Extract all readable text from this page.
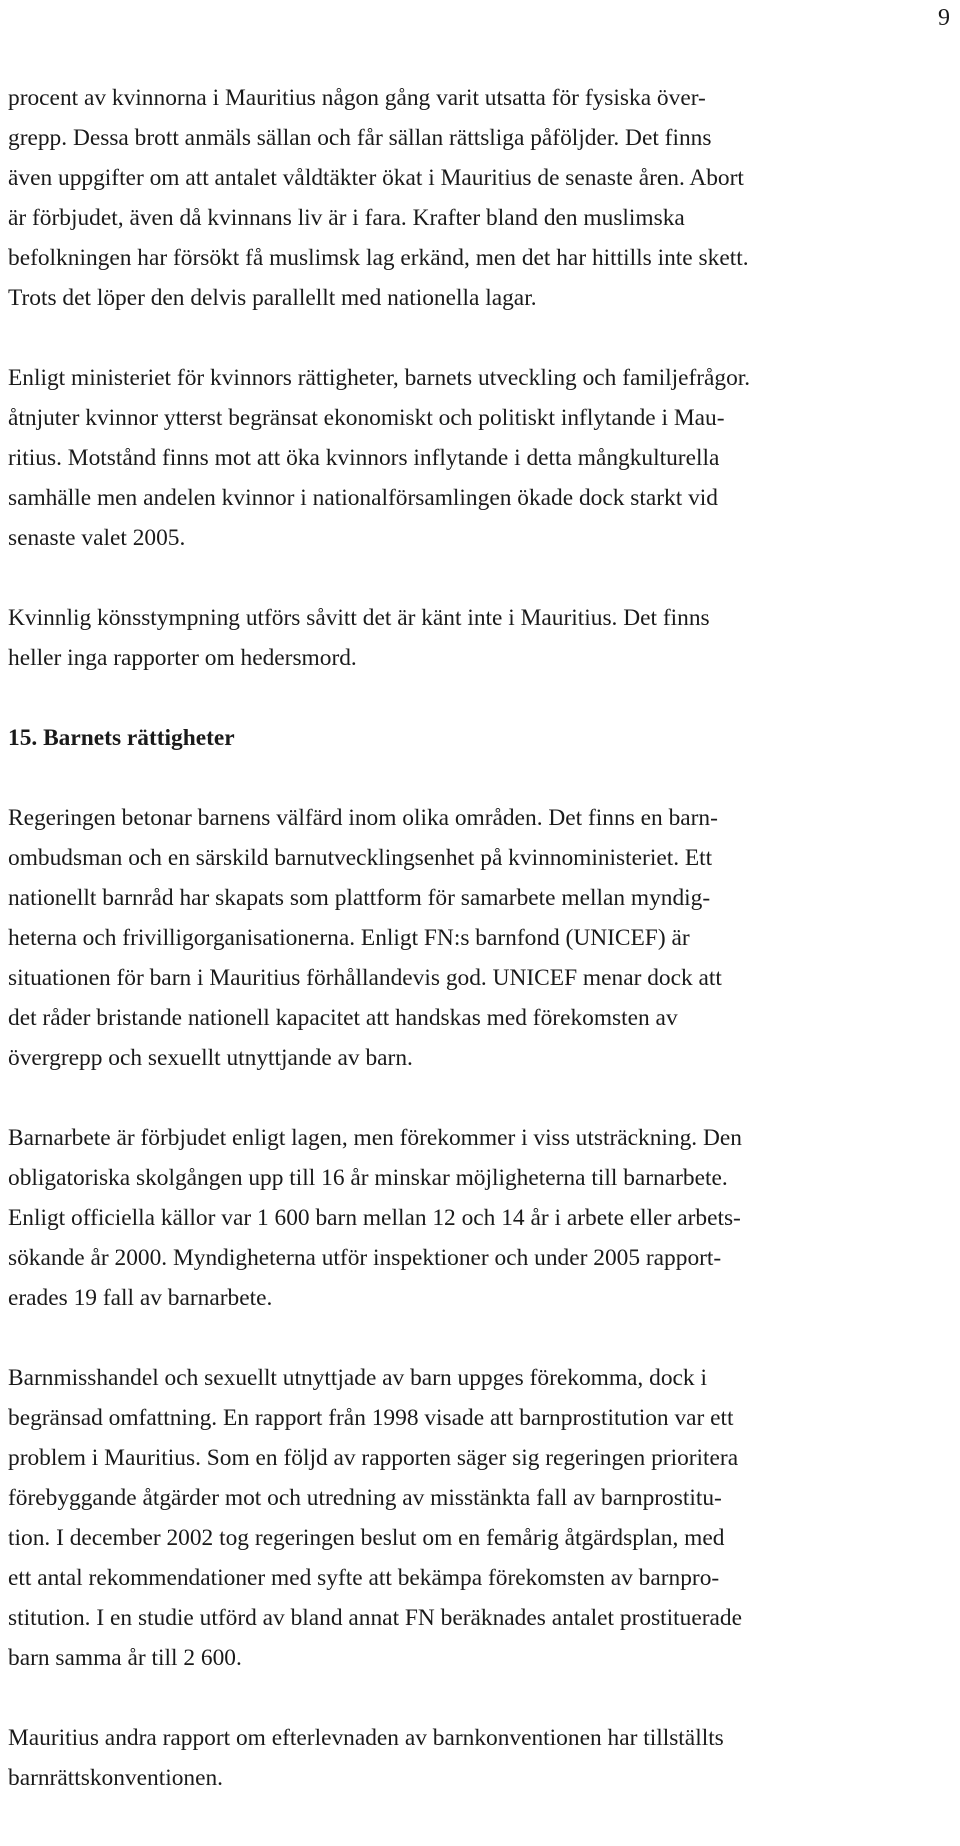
9
procent av kvinnorna i Mauritius någon gång varit utsatta för fysiska över-
grepp. Dessa brott anmäls sällan och får sällan rättsliga påföljder. Det finns
även uppgifter om att antalet våldtäkter ökat i Mauritius de senaste åren. Abort
är förbjudet, även då kvinnans liv är i fara. Krafter bland den muslimska
befolkningen har försökt få muslimsk lag erkänd, men det har hittills inte skett.
Trots det löper den delvis parallellt med nationella lagar.
Enligt ministeriet för kvinnors rättigheter, barnets utveckling och familjefrågor.
åtnjuter kvinnor ytterst begränsat ekonomiskt och politiskt inflytande i Mau-
ritius. Motstånd finns mot att öka kvinnors inflytande i detta mångkulturella
samhälle men andelen kvinnor i nationalförsamlingen ökade dock starkt vid
senaste valet 2005.
Kvinnlig könsstympning utförs såvitt det är känt inte i Mauritius. Det finns
heller inga rapporter om hedersmord.
15. Barnets rättigheter
Regeringen betonar barnens välfärd inom olika områden. Det finns en barn-
ombudsman och en särskild barnutvecklingsenhet på kvinnoministeriet. Ett
nationellt barnråd har skapats som plattform för samarbete mellan myndig-
heterna och frivilligorganisationerna. Enligt FN:s barnfond (UNICEF) är
situationen för barn i Mauritius förhållandevis god. UNICEF menar dock att
det råder bristande nationell kapacitet att handskas med förekomsten av
övergrepp och sexuellt utnyttjande av barn.
Barnarbete är förbjudet enligt lagen, men förekommer i viss utsträckning. Den
obligatoriska skolgången upp till 16 år minskar möjligheterna till barnarbete.
Enligt officiella källor var 1 600 barn mellan 12 och 14 år i arbete eller arbets-
sökande år 2000. Myndigheterna utför inspektioner och under 2005 rapport-
erades 19 fall av barnarbete.
Barnmisshandel och sexuellt utnyttjade av barn uppges förekomma, dock i
begränsad omfattning. En rapport från 1998 visade att barnprostitution var ett
problem i Mauritius. Som en följd av rapporten säger sig regeringen prioritera
förebyggande åtgärder mot och utredning av misstänkta fall av barnprostitu-
tion. I december 2002 tog regeringen beslut om en femårig åtgärdsplan, med
ett antal rekommendationer med syfte att bekämpa förekomsten av barnpro-
stitution. I en studie utförd av bland annat FN beräknades antalet prostituerade
barn samma år till 2 600.
Mauritius andra rapport om efterlevnaden av barnkonventionen har tillställts
barnrättskonventionen.
